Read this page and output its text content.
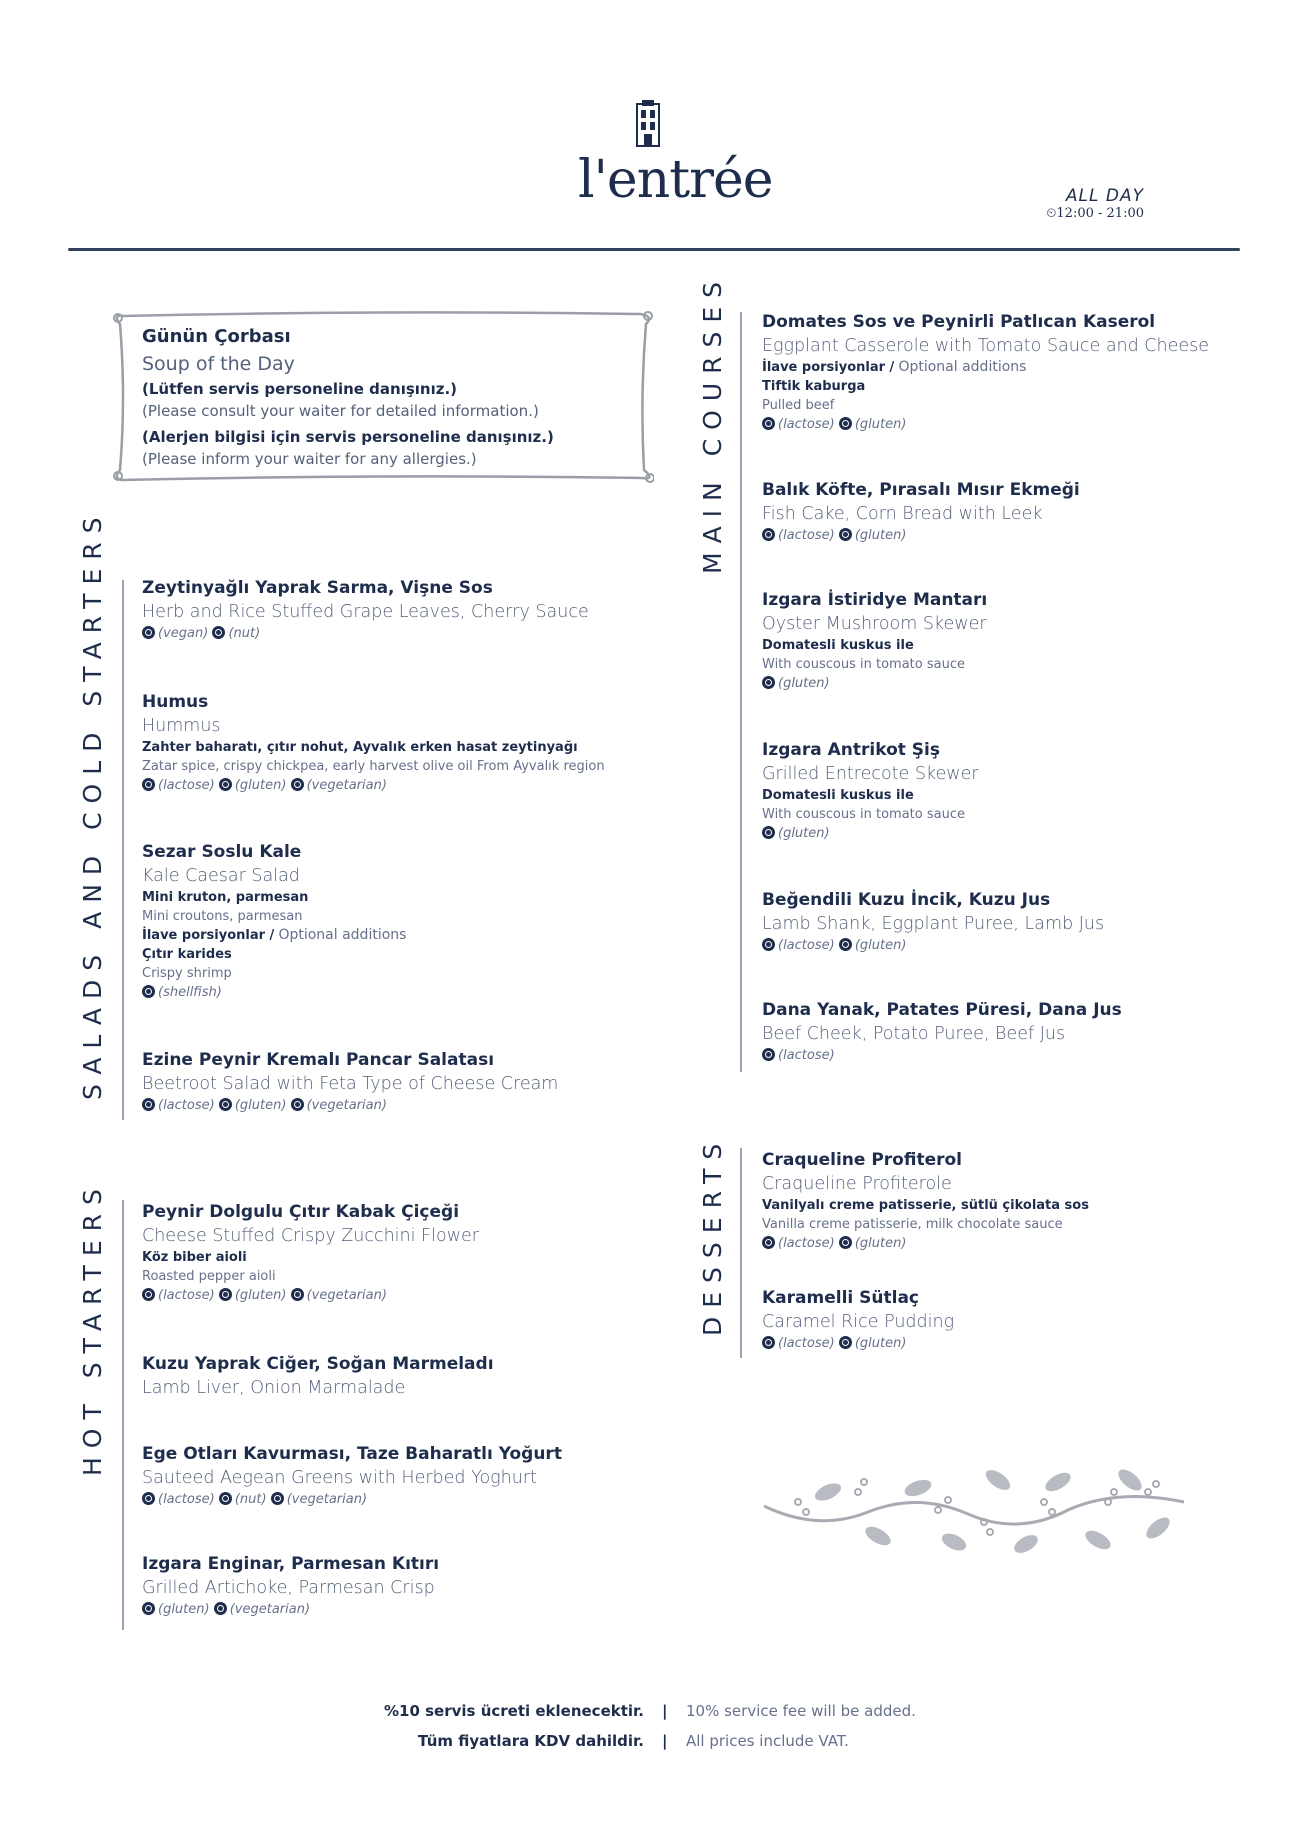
l'entrée	ALL DAY
⏲12:00 - 21:00
Günün Çorbası
Soup of the Day
(Lütfen servis personeline danışınız.)
(Please consult your waiter for detailed information.)
(Alerjen bilgisi için servis personeline danışınız.)
(Please inform your waiter for any allergies.)
SALADS AND COLD STARTERS
HOT STARTERS
MAIN COURSES
DESSERTS
Zeytinyağlı Yaprak Sarma, Vişne Sos
Herb and Rice Stuffed Grape Leaves, Cherry Sauce
(vegan) (nut)
Humus
Hummus
Zahter baharatı, çıtır nohut, Ayvalık erken hasat zeytinyağı
Zatar spice, crispy chickpea, early harvest olive oil From Ayvalık region
(lactose) (gluten) (vegetarian)
Sezar Soslu Kale
Kale Caesar Salad
Mini kruton, parmesan
Mini croutons, parmesan
İlave porsiyonlar / Optional additions
Çıtır karides
Crispy shrimp
(shellfish)
Ezine Peynir Kremalı Pancar Salatası
Beetroot Salad with Feta Type of Cheese Cream
(lactose) (gluten) (vegetarian)
Peynir Dolgulu Çıtır Kabak Çiçeği
Cheese Stuffed Crispy Zucchini Flower
Köz biber aioli
Roasted pepper aioli
(lactose) (gluten) (vegetarian)
Kuzu Yaprak Ciğer, Soğan Marmeladı
Lamb Liver, Onion Marmalade
Ege Otları Kavurması, Taze Baharatlı Yoğurt
Sauteed Aegean Greens with Herbed Yoghurt
(lactose) (nut) (vegetarian)
Izgara Enginar, Parmesan Kıtırı
Grilled Artichoke, Parmesan Crisp
(gluten) (vegetarian)
Domates Sos ve Peynirli Patlıcan Kaserol
Eggplant Casserole with Tomato Sauce and Cheese
İlave porsiyonlar / Optional additions
Tiftik kaburga
Pulled beef
(lactose) (gluten)
Balık Köfte, Pırasalı Mısır Ekmeği
Fish Cake, Corn Bread with Leek
(lactose) (gluten)
Izgara İstiridye Mantarı
Oyster Mushroom Skewer
Domatesli kuskus ile
With couscous in tomato sauce
(gluten)
Izgara Antrikot Şiş
Grilled Entrecote Skewer
Domatesli kuskus ile
With couscous in tomato sauce
(gluten)
Beğendili Kuzu İncik, Kuzu Jus
Lamb Shank, Eggplant Puree, Lamb Jus
(lactose) (gluten)
Dana Yanak, Patates Püresi, Dana Jus
Beef Cheek, Potato Puree, Beef Jus
(lactose)
Craqueline Profiterol
Craqueline Profiterole
Vanilyalı creme patisserie, sütlü çikolata sos
Vanilla creme patisserie, milk chocolate sauce
(lactose) (gluten)
Karamelli Sütlaç
Caramel Rice Pudding
(lactose) (gluten)
%10 servis ücreti eklenecektir. | 10% service fee will be added.
Tüm fiyatlara KDV dahildir. | All prices include VAT.
